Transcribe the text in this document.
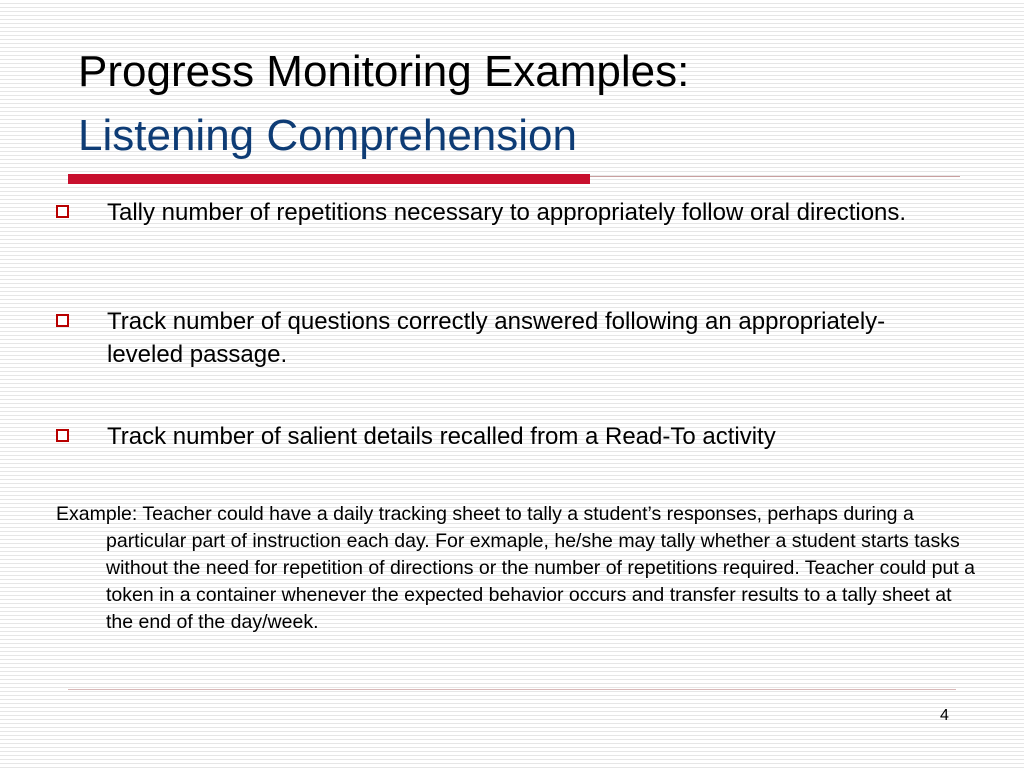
Progress Monitoring Examples:
Listening Comprehension
Tally number of repetitions necessary to appropriately follow oral directions.
Track number of questions correctly answered following an appropriately-leveled passage.
Track number of salient details recalled from a Read-To activity
Example: Teacher could have a daily tracking sheet to tally a student’s responses, perhaps during a particular part of instruction each day. For exmaple, he/she may tally whether a student starts tasks without the need for repetition of directions or the number of repetitions required. Teacher could put a token in a container whenever the expected behavior occurs and transfer results to a tally sheet at the end of the day/week.
4
